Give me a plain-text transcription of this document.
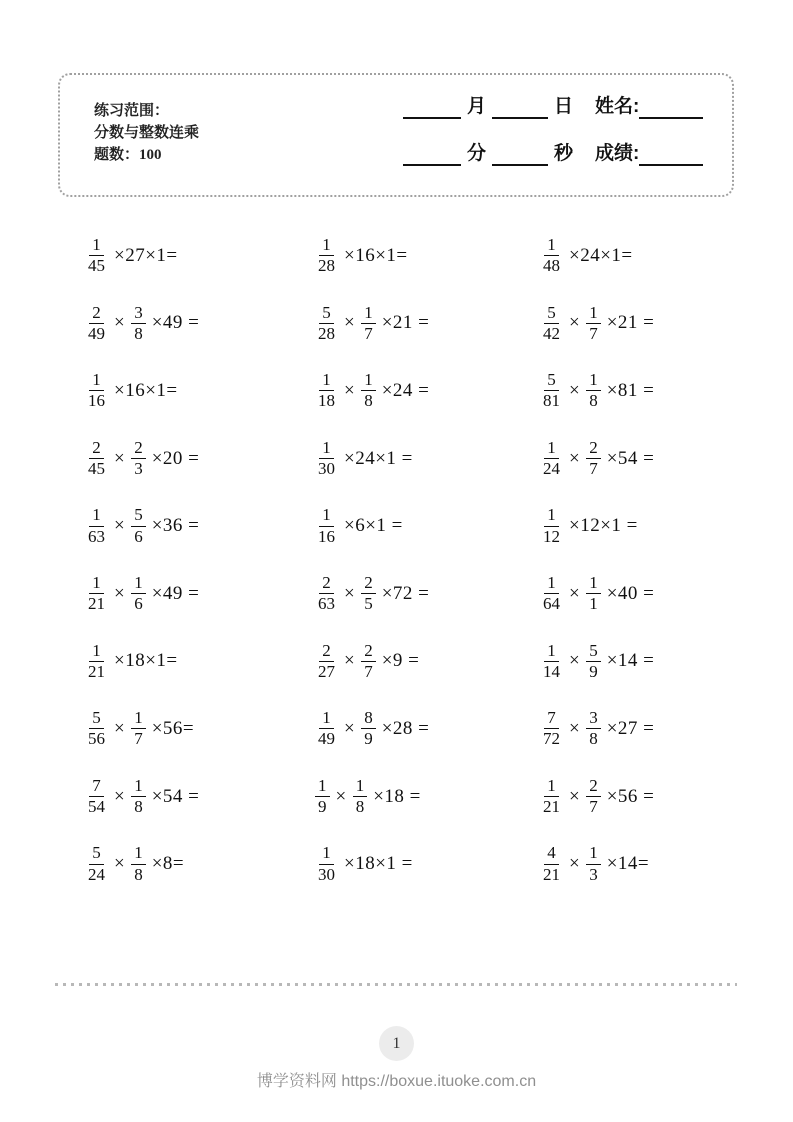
练习范围：
分数与整数连乘
题数：100
月	日 姓名:
分	秒 成绩:
$\frac{1}{45} \times 27\times 1=$	$\frac{1}{28} \times 16\times 1=$	$\frac{1}{48} \times 24\times 1=$
$\frac{2}{49} \times \frac{3}{8} \times 49$ =	$\frac{5}{28} \times \frac{1}{7} \times 21$ =	$\frac{5}{42} \times \frac{1}{7} \times 21$ =
$\frac{1}{16} \times 16\times 1=$	$\frac{1}{18} \times \frac{1}{8} \times 24$ =	$\frac{5}{81} \times \frac{1}{8} \times 81$ =
$\frac{2}{45} \times \frac{2}{3} \times 20$ =	$\frac{1}{30} \times 24\times 1$ =	$\frac{1}{24} \times \frac{2}{7} \times 54$ =
$\frac{1}{63} \times \frac{5}{6} \times 36$ =	$\frac{1}{16} \times 6\times 1$ =	$\frac{1}{12} \times 12\times 1$ =
$\frac{1}{21} \times \frac{1}{6} \times 49$ =	$\frac{2}{63} \times \frac{2}{5} \times 72$ =	$\frac{1}{64} \times \frac{1}{1} \times 40$ =
$\frac{1}{21} \times 18\times 1=$	$\frac{2}{27} \times \frac{2}{7} \times 9$ =	$\frac{1}{14} \times \frac{5}{9} \times 14$ =
$\frac{5}{56} \times \frac{1}{7} \times 56=$	$\frac{1}{49} \times \frac{8}{9} \times 28$ =	$\frac{7}{72} \times \frac{3}{8} \times 27$ =
$\frac{7}{54} \times \frac{1}{8} \times 54$ =	$\frac{1}{9} \times \frac{1}{8} \times 18$ =	$\frac{1}{21} \times \frac{2}{7} \times 56$ =
$\frac{5}{24} \times \frac{1}{8} \times 8=$	$\frac{1}{30} \times 18\times 1$ =	$\frac{4}{21} \times \frac{1}{3} \times 14=$
1
博学资料网 https://boxue.ituoke.com.cn
